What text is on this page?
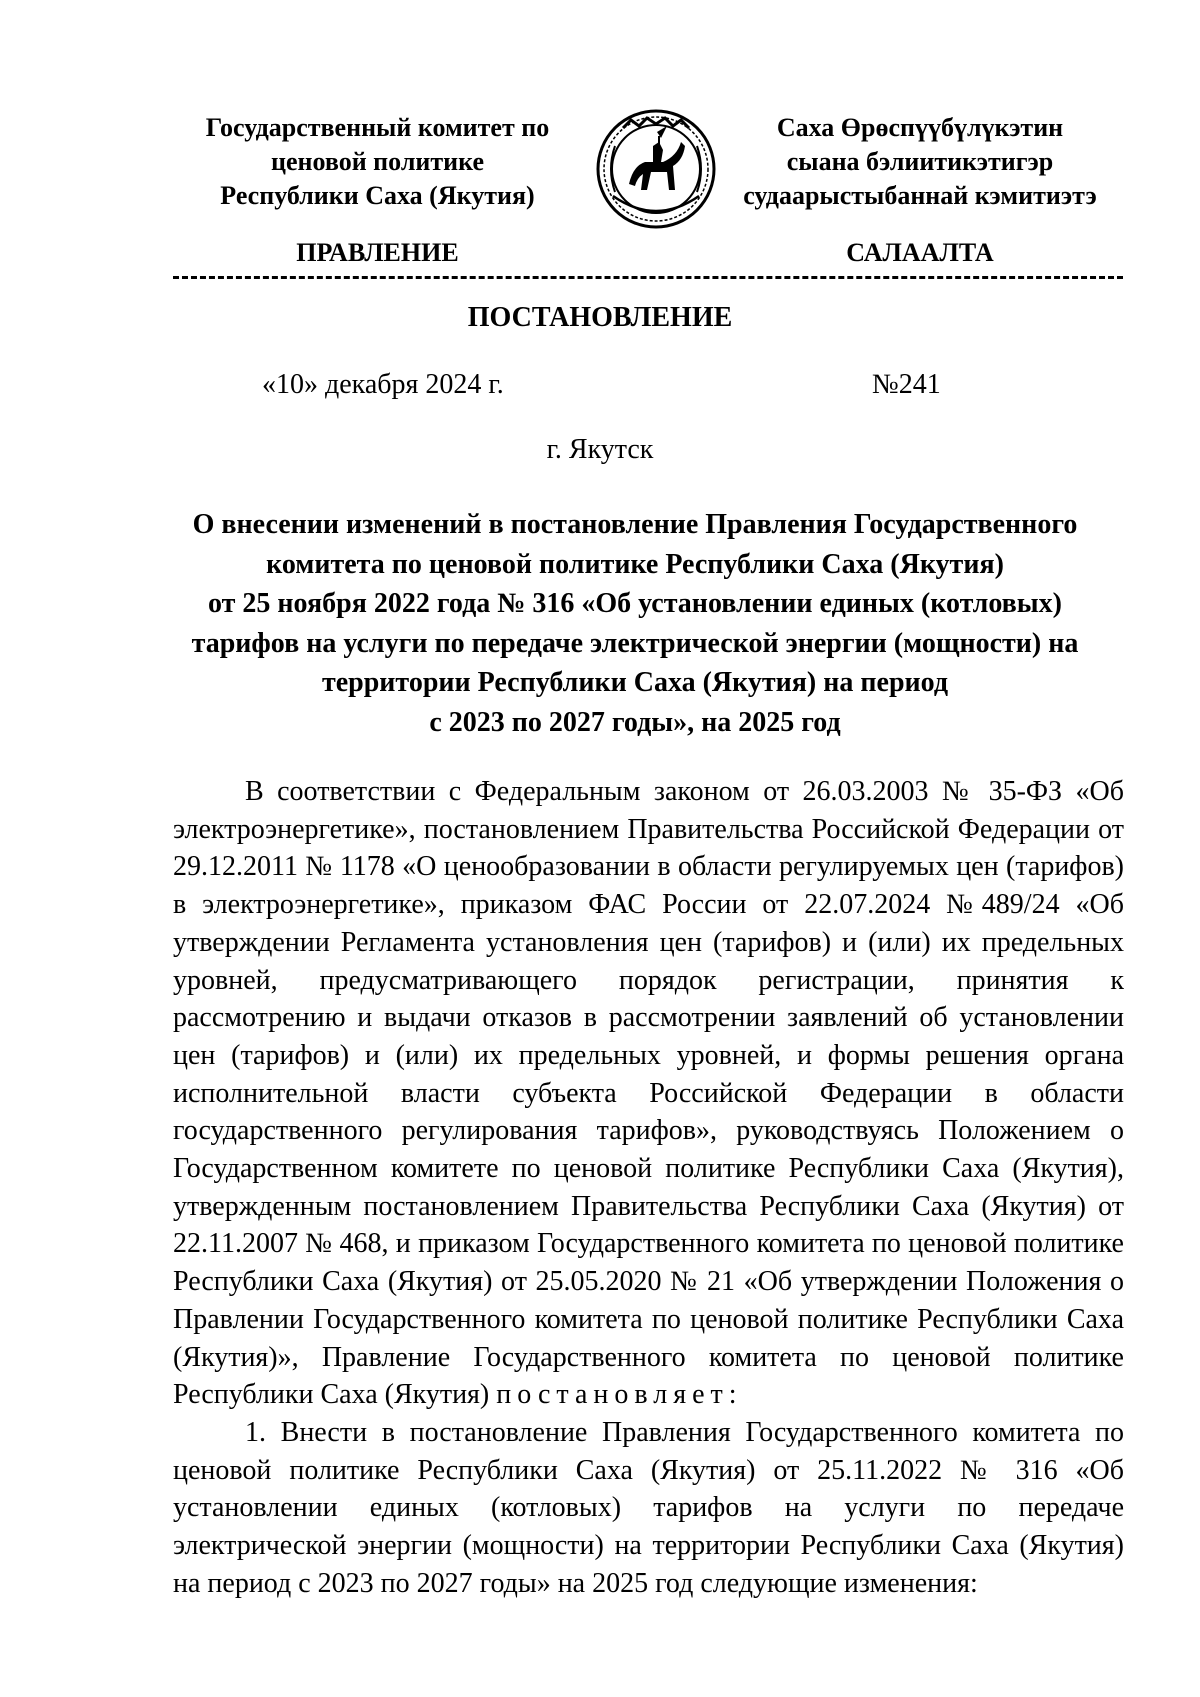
Государственный комитет по
ценовой политике
Республики Саха (Якутия)
Саха Өрөспүүбүлүкэтин
сыана бэлиитикэтигэр
судаарыстыбаннай кэмитиэтэ
ПРАВЛЕНИЕ	САЛААЛТА
ПОСТАНОВЛЕНИЕ
«10» декабря 2024 г.	№241
г. Якутск
О внесении изменений в постановление Правления Государственного
комитета по ценовой политике Республики Саха (Якутия)
от 25 ноября 2022 года № 316 «Об установлении единых (котловых)
тарифов на услуги по передаче электрической энергии (мощности) на
территории Республики Саха (Якутия) на период
с 2023 по 2027 годы», на 2025 год

В соответствии с Федеральным законом от 26.03.2003 № 35-ФЗ «Об электроэнергетике», постановлением Правительства Российской Федерации от 29.12.2011 № 1178 «О ценообразовании в области регулируемых цен (тарифов) в электроэнергетике», приказом ФАС России от 22.07.2024 №489/24 «Об утверждении Регламента установления цен (тарифов) и (или) их предельных уровней, предусматривающего порядок регистрации, принятия к рассмотрению и выдачи отказов в рассмотрении заявлений об установлении цен (тарифов) и (или) их предельных уровней, и формы решения органа исполнительной власти субъекта Российской Федерации в области государственного регулирования тарифов», руководствуясь Положением о Государственном комитете по ценовой политике Республики Саха (Якутия), утвержденным постановлением Правительства Республики Саха (Якутия) от 22.11.2007 № 468, и приказом Государственного комитета по ценовой политике Республики Саха (Якутия) от 25.05.2020 № 21 «Об утверждении Положения о Правлении Государственного комитета по ценовой политике Республики Саха (Якутия)», Правление Государственного комитета по ценовой политике Республики Саха (Якутия) постановляет:

1. Внести в постановление Правления Государственного комитета по ценовой политике Республики Саха (Якутия) от 25.11.2022 № 316 «Об установлении единых (котловых) тарифов на услуги по передаче электрической энергии (мощности) на территории Республики Саха (Якутия) на период с 2023 по 2027 годы» на 2025 год следующие изменения:
